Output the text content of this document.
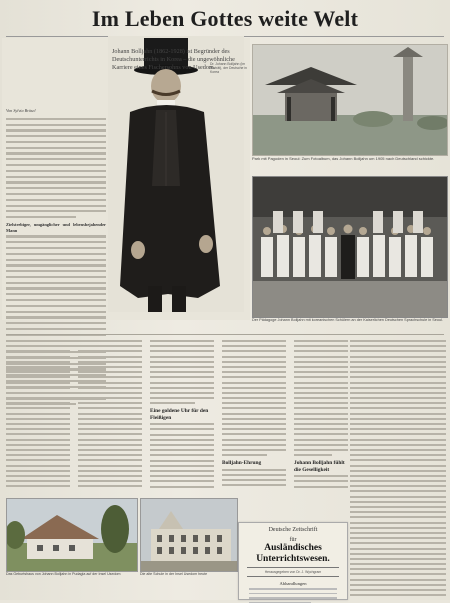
Im Leben Gottes weite Welt
Johann Bolljahn (1862-1928) ist Begründer des Deutschunterrichts in Korea – die ungewöhnliche Karriere eines Fischersohns von Usedom.
Dr. Johann Bolljahn (im Porträt), der Deutsche in Korea
Von Sylvia Bräsel
Zielstrebiger, umgänglicher und lebensbejahender Mann
Park mit Pagoden in Seoul: Zum Fotoalbum, das Johann Bolljahn um 1905 nach Deutschland schickte.
Der Pädagoge Johann Bolljahn mit koreanischen Schülern an der Kaiserlichen Deutschen Sprachschule in Seoul.
Eine goldene Uhr für den Fleißigen
Bolljahn-Ehrung	Johann Bolljahn fühlt die Geselligkeit
Das Geburtshaus von Johann Bolljahn in Pudagla auf der Insel Usedom	Die alte Schule in der Insel Usedom heute
Deutsche Zeitschrift
für
Ausländisches Unterrichtswesen.
Herausgegeben von Dr. J. Wychgram
Abhandlungen
